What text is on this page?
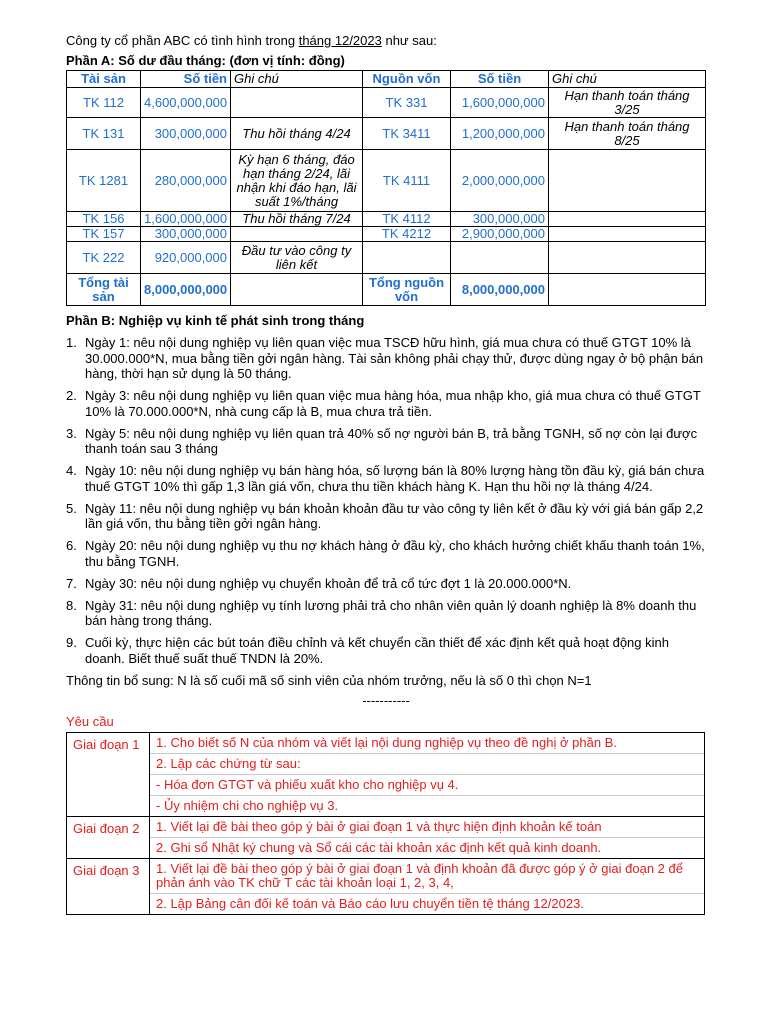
Công ty cổ phần ABC có tình hình trong tháng 12/2023 như sau:
Phần A: Số dư đầu tháng: (đơn vị tính: đồng)
Tài sản	Số tiền	Ghi chú	Nguồn vốn	Số tiền	Ghi chú
TK 112	4,600,000,000		TK 331	1,600,000,000	Hạn thanh toán tháng 3/25
TK 131	300,000,000	Thu hồi tháng 4/24	TK 3411	1,200,000,000	Hạn thanh toán tháng 8/25
TK 1281	280,000,000	Kỳ hạn 6 tháng, đáo hạn tháng 2/24, lãi nhận khi đáo hạn, lãi suất 1%/tháng	TK 4111	2,000,000,000	
TK 156	1,600,000,000	Thu hồi tháng 7/24	TK 4112	300,000,000	
TK 157	300,000,000		TK 4212	2,900,000,000	
TK 222	920,000,000	Đầu tư vào công ty liên kết			
Tổng tài sản	8,000,000,000		Tổng nguồn vốn	8,000,000,000	
Phần B: Nghiệp vụ kinh tế phát sinh trong tháng
1. Ngày 1: nêu nội dung nghiệp vụ liên quan việc mua TSCĐ hữu hình, giá mua chưa có thuế GTGT 10% là 30.000.000*N, mua bằng tiền gởi ngân hàng. Tài sản không phải chạy thử, được dùng ngay ở bộ phận bán hàng, thời hạn sử dụng là 50 tháng.
2. Ngày 3: nêu nội dung nghiệp vụ liên quan việc mua hàng hóa, mua nhập kho, giá mua chưa có thuế GTGT 10% là 70.000.000*N, nhà cung cấp là B, mua chưa trả tiền.
3. Ngày 5: nêu nội dung nghiệp vụ liên quan trả 40% số nợ người bán B, trả bằng TGNH, số nợ còn lại được thanh toán sau 3 tháng
4. Ngày 10: nêu nội dung nghiệp vụ bán hàng hóa, số lượng bán là 80% lượng hàng tồn đầu kỳ, giá bán chưa thuế GTGT 10% thì gấp 1,3 lần giá vốn, chưa thu tiền khách hàng K. Hạn thu hồi nợ là tháng 4/24.
5. Ngày 11: nêu nội dung nghiệp vụ bán khoản khoản đầu tư vào công ty liên kết ở đầu kỳ với giá bán gấp 2,2 lần giá vốn, thu bằng tiền gởi ngân hàng.
6. Ngày 20: nêu nội dung nghiệp vụ thu nợ khách hàng ở đầu kỳ, cho khách hưởng chiết khấu thanh toán 1%, thu bằng TGNH.
7. Ngày 30: nêu nội dung nghiệp vụ chuyển khoản để trả cổ tức đợt 1 là 20.000.000*N.
8. Ngày 31: nêu nội dung nghiệp vụ tính lương phải trả cho nhân viên quản lý doanh nghiệp là 8% doanh thu bán hàng trong tháng.
9. Cuối kỳ, thực hiện các bút toán điều chỉnh và kết chuyển cần thiết để xác định kết quả hoạt động kinh doanh. Biết thuế suất thuế TNDN là 20%.
Thông tin bổ sung: N là số cuối mã số sinh viên của nhóm trưởng, nếu là số 0 thì chọn N=1
-----------
Yêu cầu
Giai đoạn 1	1. Cho biết số N của nhóm và viết lại nội dung nghiệp vụ theo đề nghị ở phần B.
2. Lập các chứng từ sau:
- Hóa đơn GTGT và phiếu xuất kho cho nghiệp vụ 4.
- Ủy nhiệm chi cho nghiệp vụ 3.

Giai đoạn 2	1. Viết lại đề bài theo góp ý bài ở giai đoạn 1 và thực hiện định khoản kế toán
2. Ghi sổ Nhật ký chung và Sổ cái các tài khoản xác định kết quả kinh doanh.

Giai đoạn 3	1. Viết lại đề bài theo góp ý bài ở giai đoạn 1 và định khoản đã được góp ý ở giai đoạn 2 để phản ánh vào TK chữ T các tài khoản loại 1, 2, 3, 4,
2. Lập Bảng cân đối kế toán và Báo cáo lưu chuyển tiền tệ tháng 12/2023.
